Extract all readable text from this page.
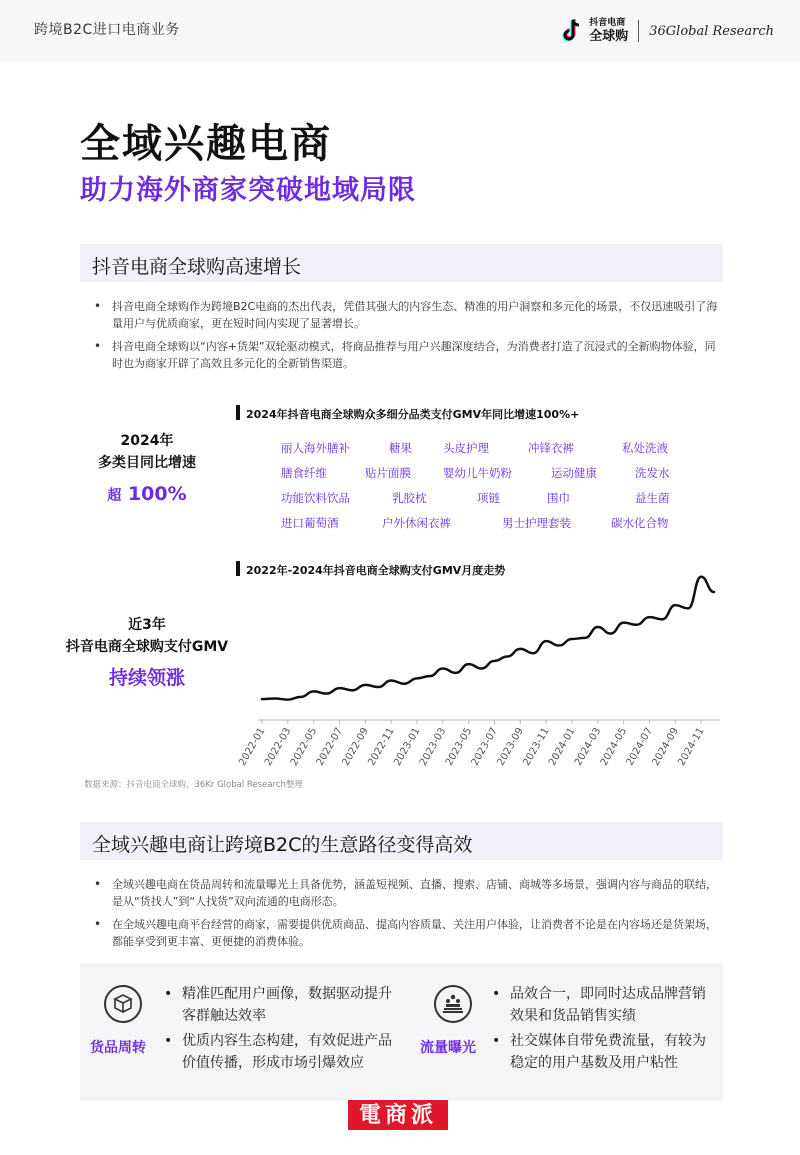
跨境B2C进口电商业务	抖音电商
全球购 36Global Research
全域兴趣电商
助力海外商家突破地域局限
抖音电商全球购高速增长
• 抖音电商全球购作为跨境B2C电商的杰出代表，凭借其强大的内容生态、精准的用户洞察和多元化的场景，不仅迅速吸引了海量用户与优质商家，更在短时间内实现了显著增长。
• 抖音电商全球购以“内容+货架”双轮驱动模式，将商品推荐与用户兴趣深度结合，为消费者打造了沉浸式的全新购物体验，同时也为商家开辟了高效且多元化的全新销售渠道。
2024年抖音电商全球购众多细分品类支付GMV年同比增速100%+
2024年
多类目同比增速
超 100%
丽人海外膳补	糖果	头皮护理	冲锋衣裤	私处洗液
膳食纤维	贴片面膜	婴幼儿牛奶粉	运动健康	洗发水
功能饮料饮品	乳胶枕	项链	围巾	益生菌
进口葡萄酒	户外休闲衣裤	男士护理套装	碳水化合物
2022年-2024年抖音电商全球购支付GMV月度走势
近3年
抖音电商全球购支付GMV
持续领涨
2022-01
2022-03
2022-05
2022-07
2022-09
2022-11
2023-01
2023-03
2023-05
2023-07
2023-09
2023-11
2024-01
2024-03
2024-05
2024-07
2024-09
2024-11
数据来源：抖音电商全球购，36Kr Global Research整理
全域兴趣电商让跨境B2C的生意路径变得高效
• 全域兴趣电商在货品周转和流量曝光上具备优势，涵盖短视频、直播、搜索、店铺、商城等多场景，强调内容与商品的联结，是从“货找人”到“人找货”双向流通的电商形态。
• 在全域兴趣电商平台经营的商家，需要提供优质商品、提高内容质量、关注用户体验，让消费者不论是在内容场还是货架场，都能享受到更丰富、更便捷的消费体验。
货品周转
• 精准匹配用户画像，数据驱动提升客群触达效率
• 优质内容生态构建，有效促进产品价值传播，形成市场引爆效应
流量曝光
• 品效合一，即同时达成品牌营销效果和货品销售实绩
• 社交媒体自带免费流量，有较为稳定的用户基数及用户粘性
電商派
